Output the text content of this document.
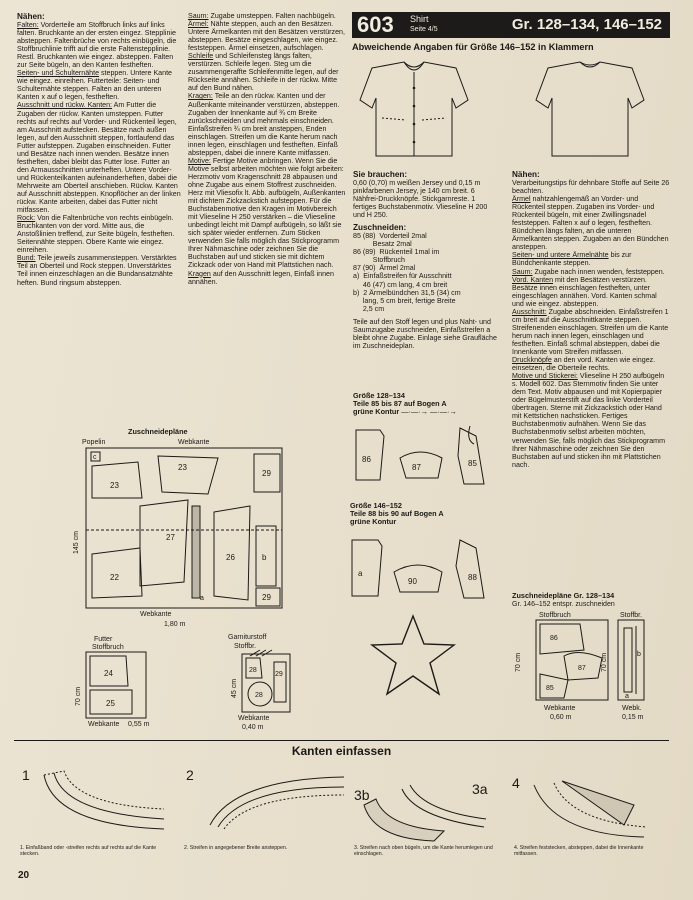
Nähen:

Falten: Vorderteile am Stoffbruch links auf links falten. Bruchkante an der ersten eingez. Stepplinie absteppen. Faltenbrüche von rechts einbügeln, die Stoffbruchlinie trifft auf die erste Faltenstepplinie. Restl. Bruchkanten wie eingez. absteppen. Falten zur Seite bügeln, an den Kanten festheften.

Seiten- und Schulternähte steppen. Untere Kante wie eingez. einreihen. Futterteile: Seiten- und Schulternähte steppen. Falten an den unteren Kanten x auf o legen, festheften.

Ausschnitt und rückw. Kanten: Am Futter die Zugaben der rückw. Kanten umsteppen. Futter rechts auf rechts auf Vorder- und Rückenteil legen, am Ausschnitt aufstecken. Besätze nach außen legen, auf den Ausschnitt steppen, fortlaufend das Futter aufsteppen. Zugaben einschneiden. Futter und Besätze nach innen wenden. Besätze innen festheften, dabei bleibt das Futter lose. Futter an den Armausschnitten unterheften. Untere Vorder- und Rückenteilkanten aufeinanderheften, dabei die Mehrweite am Oberteil anschieben. Rückw. Kanten auf Ausschnitt absteppen. Knopflöcher an der linken rückw. Kante arbeiten, dabei das Futter nicht mitfassen.

Rock: Von die Faltenbrüche von rechts einbügeln. Bruchkanten von der vord. Mitte aus, die Anstoßlinien treffend, zur Seite bügeln, festheften. Seitennähte steppen. Obere Kante wie eingez. einreihen.

Bund: Teile jeweils zusammensteppen. Verstärktes Teil an Oberteil und Rock steppen. Unverstärktes Teil innen einzeschlagen an die Bundansatznähte heften. Bund ringsum absteppen.

Saum: Zugabe umsteppen. Falten nachbügeln.

Ärmel: Nähte steppen, auch an den Besätzen. Untere Ärmelkanten mit den Besätzen verstürzen, absteppen. Besätze eingeschlagen, wie eingez. feststeppen. Ärmel einsetzen, aufschlagen.

Schleife und Schleifensteg längs falten, verstürzen. Schleife legen. Steg um die zusammengeraffte Schleifenmitte legen, auf der Rückseite annähen. Schleife in der rückw. Mitte auf den Bund nähen.

Kragen: Teile an den rückw. Kanten und der Außenkante miteinander verstürzen, absteppen. Zugaben der Innenkante auf ¾ cm Breite zurückschneiden und mehrmals einschneiden. Einfaßstreifen ¾ cm breit ansteppen, Enden einschlagen. Streifen um die Kante herum nach innen legen, einschlagen und festheften. Einfaß absteppen, dabei die innere Kante mitfassen.

Motive: Fertige Motive anbringen. Wenn Sie die Motive selbst arbeiten möchten wie folgt arbeiten: Herzmotiv vom Kragenschnitt 28 abpausen und ohne Zugabe aus einem Stoffrest zuschneiden. Herz mit Vliesofix lt. Abb. aufbügeln, Außenkanten mit dichtem Zickzackstich aufsteppen. Für die Buchstabenmotive den Kragen im Motivbereich mit Vlieseline H 250 verstärken – die Vlieseline unbedingt leicht mit Dampf aufbügeln, so läßt sie sich später wieder entfernen. Zum Sticken verwenden Sie falls möglich das Stickprogramm Ihrer Nähmaschine oder zeichnen Sie die Buchstaben auf und sticken sie mit dichtem Zickzack oder von Hand mit Plattstichen nach.

Kragen auf den Ausschnitt legen, Einfaß innen annähen.

603 Shirt
Seite 4/5	Gr. 128–134, 146–152
Abweichende Angaben für Größe 146–152 in Klammern
Sie brauchen:

0,60 (0,70) m weißen Jersey und 0,15 m pinkfarbenen Jersey, je 140 cm breit. 6 Nähfrei-Druckknöpfe. Stickgarnreste. 1 fertiges Buchstabenmotiv. Vlieseline H 200 und H 250.

Zuschneiden:
85 (88)  Vorderteil 2mal
Besatz 2mal
86 (89)  Rückenteil 1mal im
Stoffbruch
87 (90)  Ärmel 2mal
a)  Einfaßstreifen für Ausschnitt
46 (47) cm lang, 4 cm breit
b)  2 Ärmelbündchen 31,5 (34) cm
lang, 5 cm breit, fertige Breite
2,5 cm

Teile auf den Stoff legen und plus Naht- und Saumzugabe zuschneiden, Einfaßstreifen a bleibt ohne Zugabe. Einlage siehe Graufläche im Zuschneideplan.

Größe 128–134
Teile 85 bis 87 auf Bogen A
grüne Kontur —·—·→ —·—·→
86
87	85
Größe 146–152
Teile 88 bis 90 auf Bogen A
grüne Kontur
a
90	88
Nähen:

Verarbeitungstips für dehnbare Stoffe auf Seite 26 beachten.

Ärmel nahtzahlengemäß an Vorder- und Rückenteil steppen. Zugaben ins Vorder- und Rückenteil bügeln, mit einer Zwillingsnadel feststeppen. Falten x auf o legen, festheften. Bündchen längs falten, an die unteren Ärmelkanten steppen. Zugaben an den Bündchen ansteppen.

Seiten- und untere Ärmelnähte bis zur Bündchenkante steppen.

Saum: Zugabe nach innen wenden, feststeppen.

Vord. Kanten mit den Besätzen verstürzen. Besätze innen einschlagen festheften, unter eingeschlagen annähen. Vord. Kanten schmal und wie eingez. absteppen.

Ausschnitt: Zugabe abschneiden. Einfaßstreifen 1 cm breit auf die Ausschnittkante steppen. Streifenenden einschlagen. Streifen um die Kante herum nach innen legen, einschlagen und festheften. Einfaß schmal absteppen, dabei die Innenkante vom Streifen mitfassen.

Druckknöpfe an den vord. Kanten wie eingez. einsetzen, die Oberteile rechts.

Motive und Stickerei: Vlieseline H 250 aufbügeln s. Modell 602. Das Sternmotiv finden Sie unter dem Text. Motiv abpausen und mit Kopierpapier oder Bügelmusterstift auf das linke Vorderteil übertragen. Sterne mit Zickzackstich oder Hand mit Kettstichen nachsticken. Fertiges Buchstabenmotiv aufnähen. Wenn Sie das Buchstabenmotiv selbst arbeiten möchten, verwenden Sie, falls möglich das Stickprogramm Ihrer Nähmaschine oder zeichnen Sie den Buchstaben auf und sticken ihn mit Plattstichen nach.

Zuschneidepläne Gr. 128–134
Gr. 146–152 entspr. zuschneiden
Stoffbruch	Stoffbr.
86
87
85
b
a
70 cm	70 cm
Webkante
0,60 m
Webk.
0,15 m
Zuschneidepläne
Popelin	Webkante
145 cm
Webkante
1,80 m
c
23
29
23
27
26	b
22
29
a
Futter
Stoffbruch
70 cm
Webkante 0,55 m
24
25
Garniturstoff
Stoffbr.
45 cm
Webkante
0,40 m
28
29
28
Kanten einfassen
1	2
3b	3a 4
1. Einfaßband oder -streifen rechts auf rechts auf die Kante stecken.
2. Streifen in angegebener Breite ansteppen.	3. Streifen nach oben bügeln, um die Kante herumlegen und einschlagen.
4. Streifen feststecken, absteppen, dabei die Innenkante mitfassen.
20
